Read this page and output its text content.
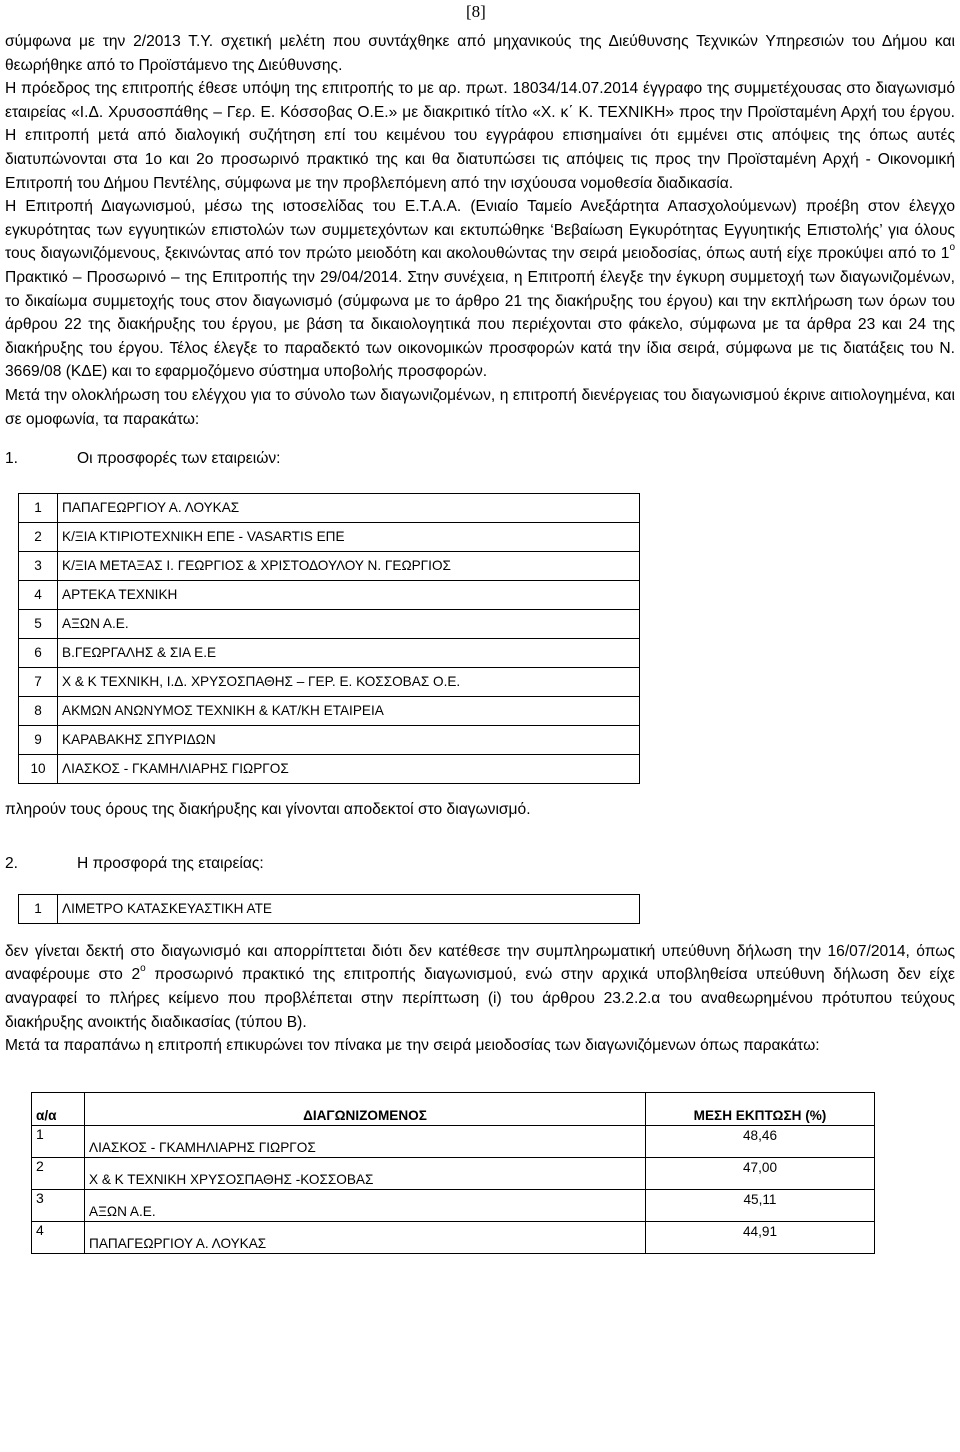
[8]

σύμφωνα με την 2/2013 Τ.Υ. σχετική μελέτη που συντάχθηκε από μηχανικούς της Διεύθυνσης Τεχνικών Υπηρεσιών του Δήμου και θεωρήθηκε από το Προϊστάμενο της Διεύθυνσης.

Η πρόεδρος της επιτροπής έθεσε υπόψη της επιτροπής το με αρ. πρωτ. 18034/14.07.2014 έγγραφο της συμμετέχουσας στο διαγωνισμό εταιρείας «Ι.Δ. Χρυσοσπάθης – Γερ. Ε. Κόσσοβας Ο.Ε.» με διακριτικό τίτλο «Χ. κ΄ Κ. ΤΕΧΝΙΚΗ» προς την Προϊσταμένη Αρχή του έργου. Η επιτροπή μετά από διαλογική συζήτηση επί του κειμένου του εγγράφου επισημαίνει ότι εμμένει στις απόψεις της όπως αυτές διατυπώνονται στα 1ο και 2ο προσωρινό πρακτικό της και θα διατυπώσει τις απόψεις τις προς την Προϊσταμένη Αρχή - Οικονομική Επιτροπή του Δήμου Πεντέλης, σύμφωνα με την προβλεπόμενη από την ισχύουσα νομοθεσία διαδικασία.

Η Επιτροπή Διαγωνισμού, μέσω της ιστοσελίδας του Ε.Τ.Α.Α. (Ενιαίο Ταμείο Ανεξάρτητα Απασχολούμενων) προέβη στον έλεγχο εγκυρότητας των εγγυητικών επιστολών των συμμετεχόντων και εκτυπώθηκε ‘Βεβαίωση Εγκυρότητας Εγγυητικής Επιστολής’ για όλους τους διαγωνιζόμενους, ξεκινώντας από τον πρώτο μειοδότη και ακολουθώντας την σειρά μειοδοσίας, όπως αυτή είχε προκύψει από το $1^o$ Πρακτικό – Προσωρινό – της Επιτροπής την 29/04/2014. Στην συνέχεια, η Επιτροπή έλεγξε την έγκυρη συμμετοχή των διαγωνιζομένων, το δικαίωμα συμμετοχής τους στον διαγωνισμό (σύμφωνα με το άρθρο 21 της διακήρυξης του έργου) και την εκπλήρωση των όρων του άρθρου 22 της διακήρυξης του έργου, με βάση τα δικαιολογητικά που περιέχονται στο φάκελο, σύμφωνα με τα άρθρα 23 και 24 της διακήρυξης του έργου. Τέλος έλεγξε το παραδεκτό των οικονομικών προσφορών κατά την ίδια σειρά, σύμφωνα με τις διατάξεις του Ν. 3669/08 (ΚΔΕ) και το εφαρμοζόμενο σύστημα υποβολής προσφορών.

Μετά την ολοκλήρωση του ελέγχου για το σύνολο των διαγωνιζομένων, η επιτροπή διενέργειας του διαγωνισμού έκρινε αιτιολογημένα, και σε ομοφωνία, τα παρακάτω:

1.	Οι προσφορές των εταιρειών:

1	ΠΑΠΑΓΕΩΡΓΙΟΥ Α. ΛΟΥΚΑΣ
2	Κ/ΞΙΑ ΚΤΙΡΙΟΤΕΧΝΙΚΗ ΕΠΕ - VASARTIS ΕΠΕ
3	Κ/ΞΙΑ ΜΕΤΑΞΑΣ Ι. ΓΕΩΡΓΙΟΣ & ΧΡΙΣΤΟΔΟΥΛΟΥ Ν. ΓΕΩΡΓΙΟΣ
4	ΑΡΤΕΚΑ ΤΕΧΝΙΚΗ
5	ΑΞΩΝ Α.Ε.
6	Β.ΓΕΩΡΓΑΛΗΣ & ΣΙΑ Ε.Ε
7	Χ & Κ ΤΕΧΝΙΚΗ, Ι.Δ. ΧΡΥΣΟΣΠΑΘΗΣ – ΓΕΡ. Ε. ΚΟΣΣΟΒΑΣ Ο.Ε.
8	ΑΚΜΩΝ ΑΝΩΝΥΜΟΣ ΤΕΧΝΙΚΗ & ΚΑΤ/ΚΗ ΕΤΑΙΡΕΙΑ
9	ΚΑΡΑΒΑΚΗΣ ΣΠΥΡΙΔΩΝ
10	ΛΙΑΣΚΟΣ - ΓΚΑΜΗΛΙΑΡΗΣ ΓΙΩΡΓΟΣ

πληρούν τους όρους της διακήρυξης και γίνονται αποδεκτοί στο διαγωνισμό.

2.	Η προσφορά της εταιρείας:

1	ΛΙΜΕΤΡΟ ΚΑΤΑΣΚΕΥΑΣΤΙΚΗ ΑΤΕ

δεν γίνεται δεκτή στο διαγωνισμό και απορρίπτεται διότι δεν κατέθεσε την συμπληρωματική υπεύθυνη δήλωση την 16/07/2014, όπως αναφέρουμε στο $2^o$ προσωρινό πρακτικό της επιτροπής διαγωνισμού, ενώ στην αρχικά υποβληθείσα υπεύθυνη δήλωση δεν είχε αναγραφεί το πλήρες κείμενο που προβλέπεται στην περίπτωση (i) του άρθρου 23.2.2.α του αναθεωρημένου πρότυπου τεύχους διακήρυξης ανοικτής διαδικασίας (τύπου Β).

Μετά τα παραπάνω η επιτροπή επικυρώνει τον πίνακα με την σειρά μειοδοσίας των διαγωνιζόμενων όπως παρακάτω:

α/α	ΔΙΑΓΩΝΙΖΟΜΕΝΟΣ	ΜΕΣΗ ΕΚΠΤΩΣΗ (%)
1	ΛΙΑΣΚΟΣ - ΓΚΑΜΗΛΙΑΡΗΣ ΓΙΩΡΓΟΣ	48,46
2	Χ & Κ ΤΕΧΝΙΚΗ ΧΡΥΣΟΣΠΑΘΗΣ -ΚΟΣΣΟΒΑΣ	47,00
3	ΑΞΩΝ Α.Ε.	45,11
4	ΠΑΠΑΓΕΩΡΓΙΟΥ Α. ΛΟΥΚΑΣ	44,91
